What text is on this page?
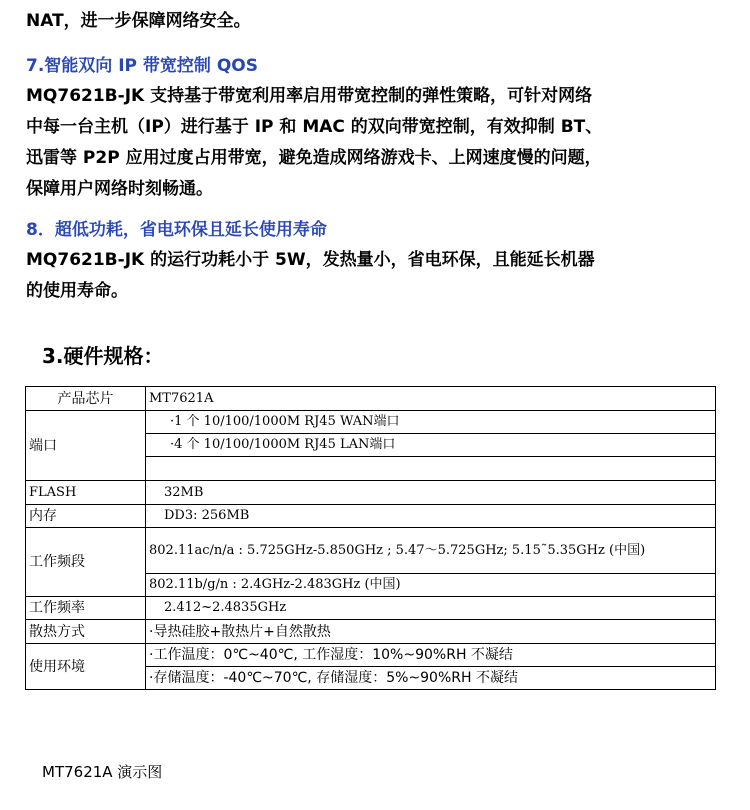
NAT，进一步保障网络安全。
7.智能双向 IP 带宽控制 QOS
MQ7621B-JK 支持基于带宽利用率启用带宽控制的弹性策略，可针对网络
中每一台主机（IP）进行基于 IP 和 MAC 的双向带宽控制，有效抑制 BT、
迅雷等 P2P 应用过度占用带宽，避免造成网络游戏卡、上网速度慢的问题，
保障用户网络时刻畅通。
8．超低功耗，省电环保且延长使用寿命
MQ7621B-JK 的运行功耗小于 5W，发热量小，省电环保，且能延长机器
的使用寿命。
3.硬件规格：
产品芯片	MT7621A
端口	·1 个 10/100/1000M RJ45 WAN端口
	·4 个 10/100/1000M RJ45 LAN端口

FLASH	32MB
内存	DD3: 256MB
工作频段	802.11ac/n/a : 5.725GHz-5.850GHz ; 5.47～5.725GHz; 5.15˜5.35GHz (中国)
	802.11b/g/n : 2.4GHz-2.483GHz (中国)
工作频率	2.412~2.4835GHz
散热方式	·导热硅胶+散热片+自然散热
使用环境	·工作温度：0℃~40℃, 工作湿度：10%~90%RH 不凝结
	·存储温度：-40℃~70℃, 存储湿度：5%~90%RH 不凝结
MT7621A 演示图
